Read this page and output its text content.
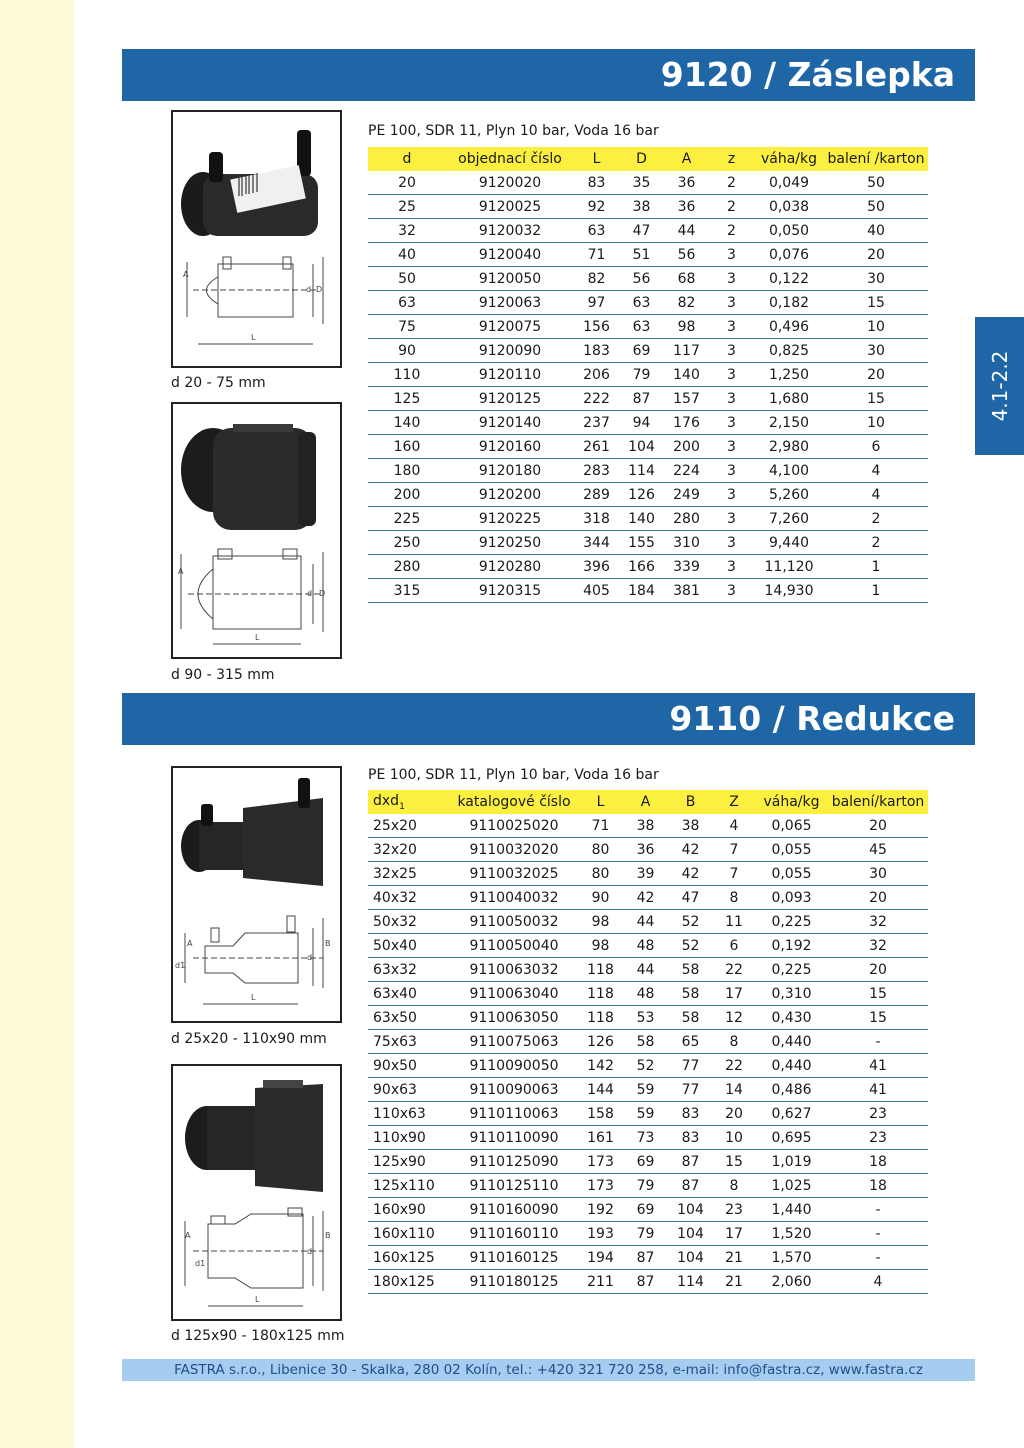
9120 / Záslepka
4.1-2.2
A
d D
L
d 20 - 75 mm
A
d D
L
d 90 - 315 mm
PE 100, SDR 11, Plyn 10 bar, Voda 16 bar
d	objednací číslo	L	D	A	z	váha/kg	balení /karton
20	9120020	83	35	36	2	0,049	50
25	9120025	92	38	36	2	0,038	50
32	9120032	63	47	44	2	0,050	40
40	9120040	71	51	56	3	0,076	20
50	9120050	82	56	68	3	0,122	30
63	9120063	97	63	82	3	0,182	15
75	9120075	156	63	98	3	0,496	10
90	9120090	183	69	117	3	0,825	30
110	9120110	206	79	140	3	1,250	20
125	9120125	222	87	157	3	1,680	15
140	9120140	237	94	176	3	2,150	10
160	9120160	261	104	200	3	2,980	6
180	9120180	283	114	224	3	4,100	4
200	9120200	289	126	249	3	5,260	4
225	9120225	318	140	280	3	7,260	2
250	9120250	344	155	310	3	9,440	2
280	9120280	396	166	339	3	11,120	1
315	9120315	405	184	381	3	14,930	1
9110 / Redukce
A
d1
d
B
L
d 25x20 - 110x90 mm
A
d1
d
B
L
d 125x90 - 180x125 mm
PE 100, SDR 11, Plyn 10 bar, Voda 16 bar
dxd$_1$	katalogové číslo	L	A	B	Z	váha/kg	balení/karton
25x20	9110025020	71	38	38	4	0,065	20
32x20	9110032020	80	36	42	7	0,055	45
32x25	9110032025	80	39	42	7	0,055	30
40x32	9110040032	90	42	47	8	0,093	20
50x32	9110050032	98	44	52	11	0,225	32
50x40	9110050040	98	48	52	6	0,192	32
63x32	9110063032	118	44	58	22	0,225	20
63x40	9110063040	118	48	58	17	0,310	15
63x50	9110063050	118	53	58	12	0,430	15
75x63	9110075063	126	58	65	8	0,440	-
90x50	9110090050	142	52	77	22	0,440	41
90x63	9110090063	144	59	77	14	0,486	41
110x63	9110110063	158	59	83	20	0,627	23
110x90	9110110090	161	73	83	10	0,695	23
125x90	9110125090	173	69	87	15	1,019	18
125x110	9110125110	173	79	87	8	1,025	18
160x90	9110160090	192	69	104	23	1,440	-
160x110	9110160110	193	79	104	17	1,520	-
160x125	9110160125	194	87	104	21	1,570	-
180x125	9110180125	211	87	114	21	2,060	4
FASTRA s.r.o., Libenice 30 - Skalka, 280 02 Kolín, tel.: +420 321 720 258, e-mail: info@fastra.cz, www.fastra.cz
